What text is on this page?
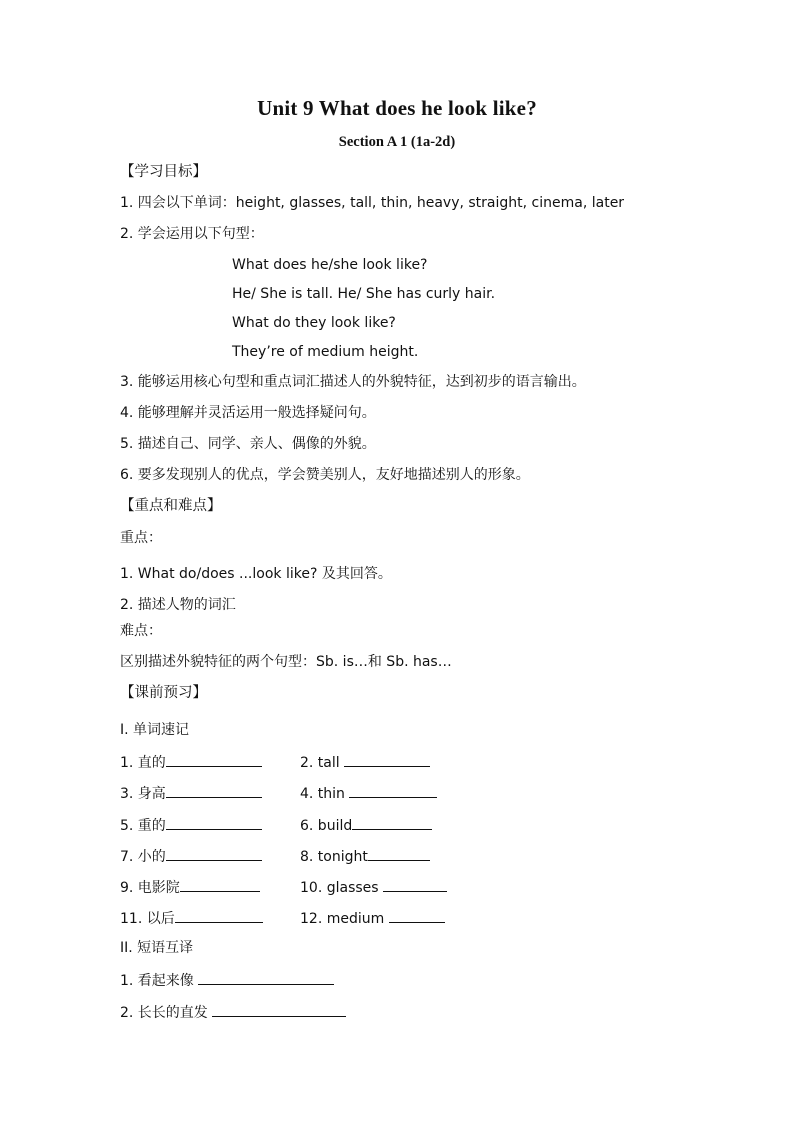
Unit 9 What does he look like?
Section A 1 (1a-2d)
【学习目标】
1. 四会以下单词：height, glasses, tall, thin, heavy, straight, cinema, later
2. 学会运用以下句型：
What does he/she look like?
He/ She is tall. He/ She has curly hair.
What do they look like?
They’re of medium height.
3. 能够运用核心句型和重点词汇描述人的外貌特征，达到初步的语言输出。
4. 能够理解并灵活运用一般选择疑问句。
5. 描述自己、同学、亲人、偶像的外貌。
6. 要多发现别人的优点，学会赞美别人，友好地描述别人的形象。
【重点和难点】
重点：
1. What do/does ...look like? 及其回答。
2. 描述人物的词汇
难点：
区别描述外貌特征的两个句型：Sb. is…和 Sb. has…
【课前预习】
I. 单词速记
1. 直的	2. tall
3. 身高	4. thin
5. 重的	6. build
7. 小的	8. tonight
9. 电影院	10. glasses
11. 以后	12. medium
II. 短语互译
1. 看起来像
2. 长长的直发
